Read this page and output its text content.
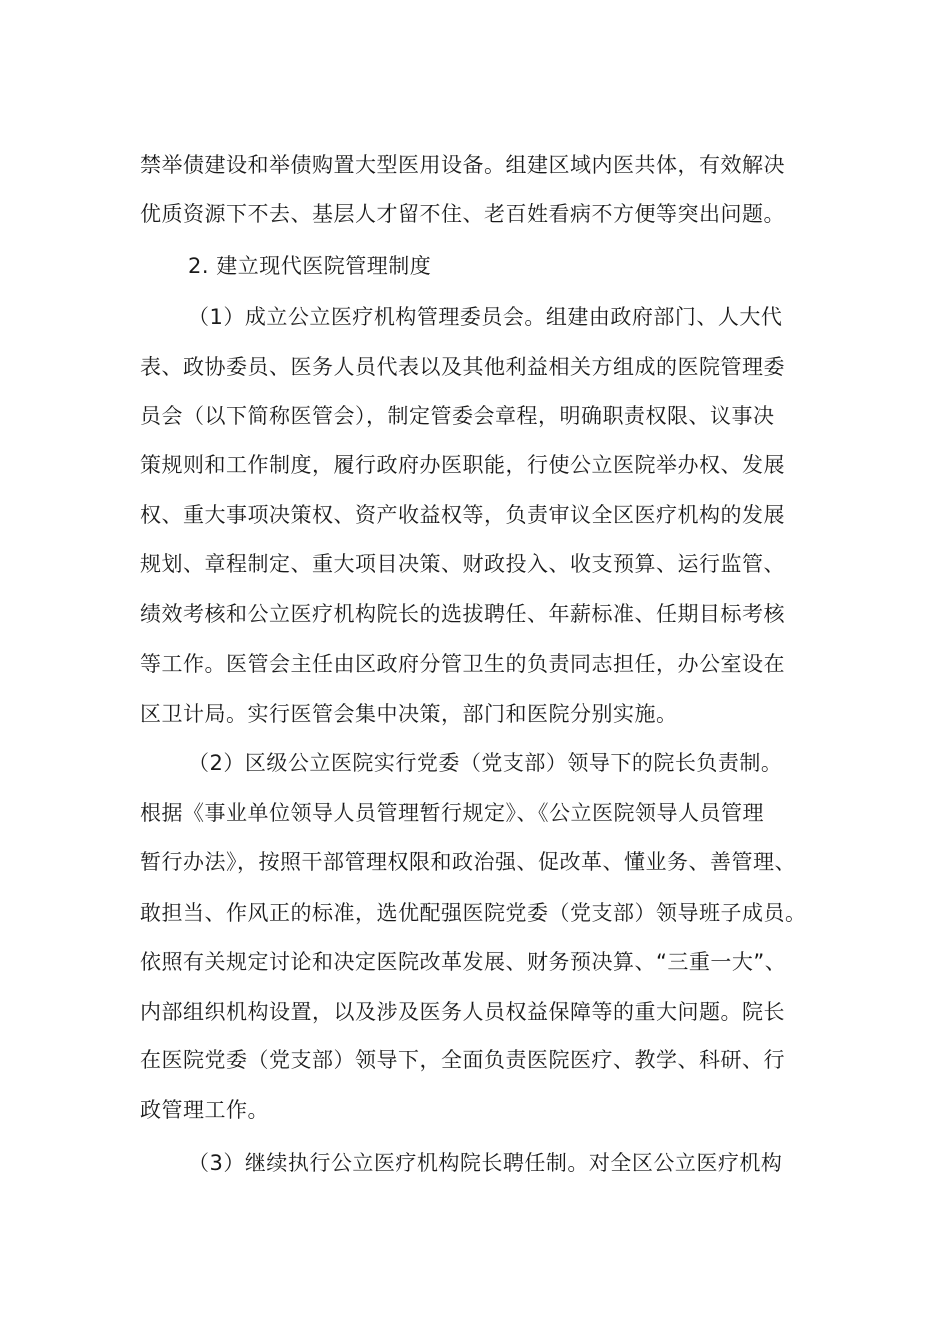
禁举债建设和举债购置大型医用设备。组建区域内医共体，有效解决
优质资源下不去、基层人才留不住、老百姓看病不方便等突出问题。
2. 建立现代医院管理制度
（1）成立公立医疗机构管理委员会。组建由政府部门、人大代
表、政协委员、医务人员代表以及其他利益相关方组成的医院管理委
员会（以下简称医管会），制定管委会章程，明确职责权限、议事决
策规则和工作制度，履行政府办医职能，行使公立医院举办权、发展
权、重大事项决策权、资产收益权等，负责审议全区医疗机构的发展
规划、章程制定、重大项目决策、财政投入、收支预算、运行监管、
绩效考核和公立医疗机构院长的选拔聘任、年薪标准、任期目标考核
等工作。医管会主任由区政府分管卫生的负责同志担任，办公室设在
区卫计局。实行医管会集中决策，部门和医院分别实施。
（2）区级公立医院实行党委（党支部）领导下的院长负责制。
根据《事业单位领导人员管理暂行规定》、《公立医院领导人员管理
暂行办法》，按照干部管理权限和政治强、促改革、懂业务、善管理、
敢担当、作风正的标准，选优配强医院党委（党支部）领导班子成员。
依照有关规定讨论和决定医院改革发展、财务预决算、“三重一大”、
内部组织机构设置，以及涉及医务人员权益保障等的重大问题。院长
在医院党委（党支部）领导下，全面负责医院医疗、教学、科研、行
政管理工作。
（3）继续执行公立医疗机构院长聘任制。对全区公立医疗机构
